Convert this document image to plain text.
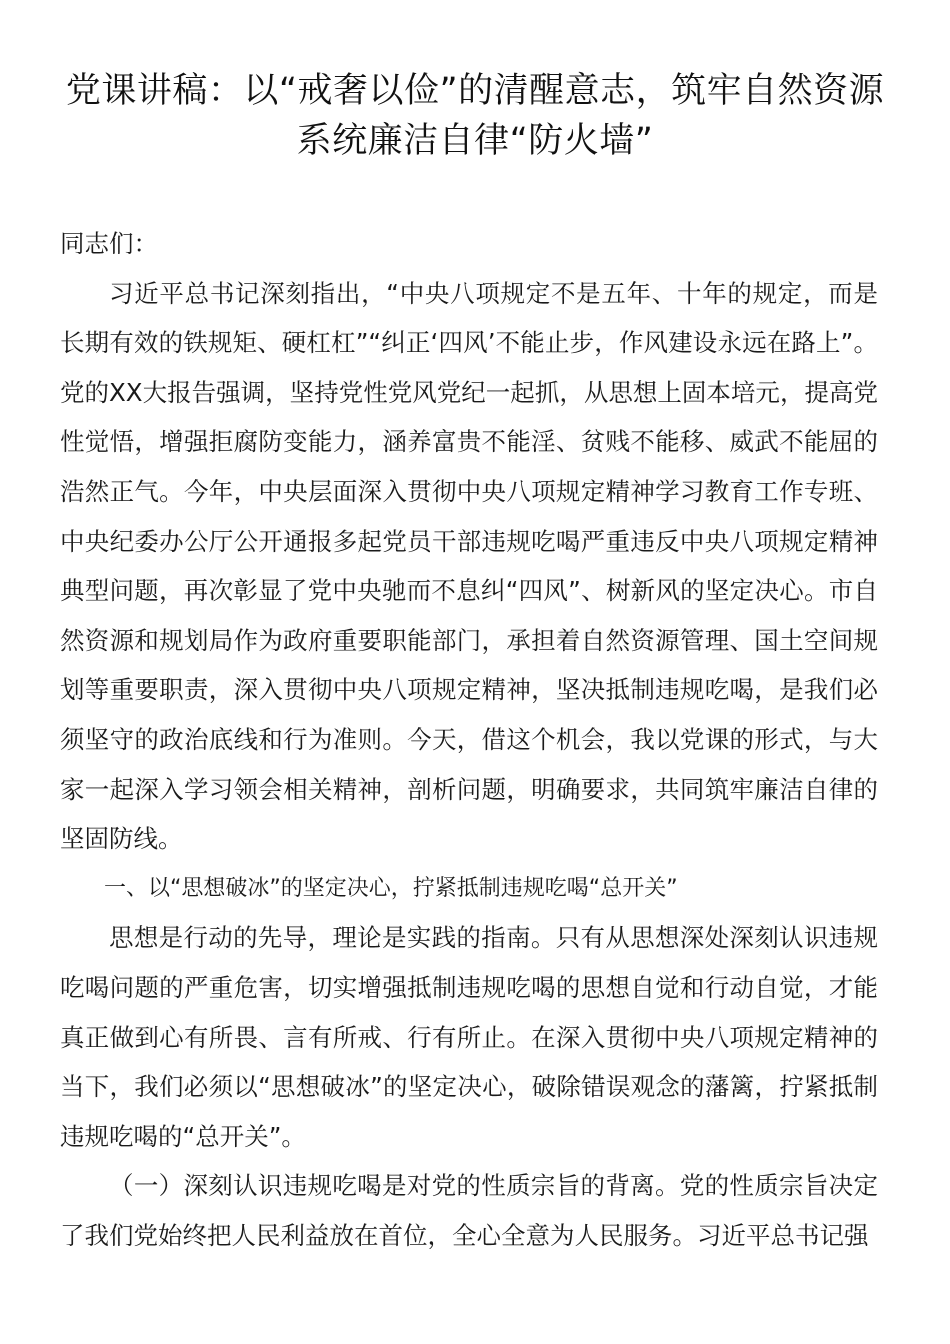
党课讲稿：以“戒奢以俭”的清醒意志，筑牢自然资源系统廉洁自律“防火墙”

同志们：

习近平总书记深刻指出，“中央八项规定不是五年、十年的规定，而是长期有效的铁规矩、硬杠杠”“纠正‘四风’不能止步，作风建设永远在路上”。党的XX大报告强调，坚持党性党风党纪一起抓，从思想上固本培元，提高党性觉悟，增强拒腐防变能力，涵养富贵不能淫、贫贱不能移、威武不能屈的浩然正气。今年，中央层面深入贯彻中央八项规定精神学习教育工作专班、中央纪委办公厅公开通报多起党员干部违规吃喝严重违反中央八项规定精神典型问题，再次彰显了党中央驰而不息纠“四风”、树新风的坚定决心。市自然资源和规划局作为政府重要职能部门，承担着自然资源管理、国土空间规划等重要职责，深入贯彻中央八项规定精神，坚决抵制违规吃喝，是我们必须坚守的政治底线和行为准则。今天，借这个机会，我以党课的形式，与大家一起深入学习领会相关精神，剖析问题，明确要求，共同筑牢廉洁自律的坚固防线。

一、以“思想破冰”的坚定决心，拧紧抵制违规吃喝“总开关”

思想是行动的先导，理论是实践的指南。只有从思想深处深刻认识违规吃喝问题的严重危害，切实增强抵制违规吃喝的思想自觉和行动自觉，才能真正做到心有所畏、言有所戒、行有所止。在深入贯彻中央八项规定精神的当下，我们必须以“思想破冰”的坚定决心，破除错误观念的藩篱，拧紧抵制违规吃喝的“总开关”。

（一）深刻认识违规吃喝是对党的性质宗旨的背离。党的性质宗旨决定了我们党始终把人民利益放在首位，全心全意为人民服务。习近平总书记强
